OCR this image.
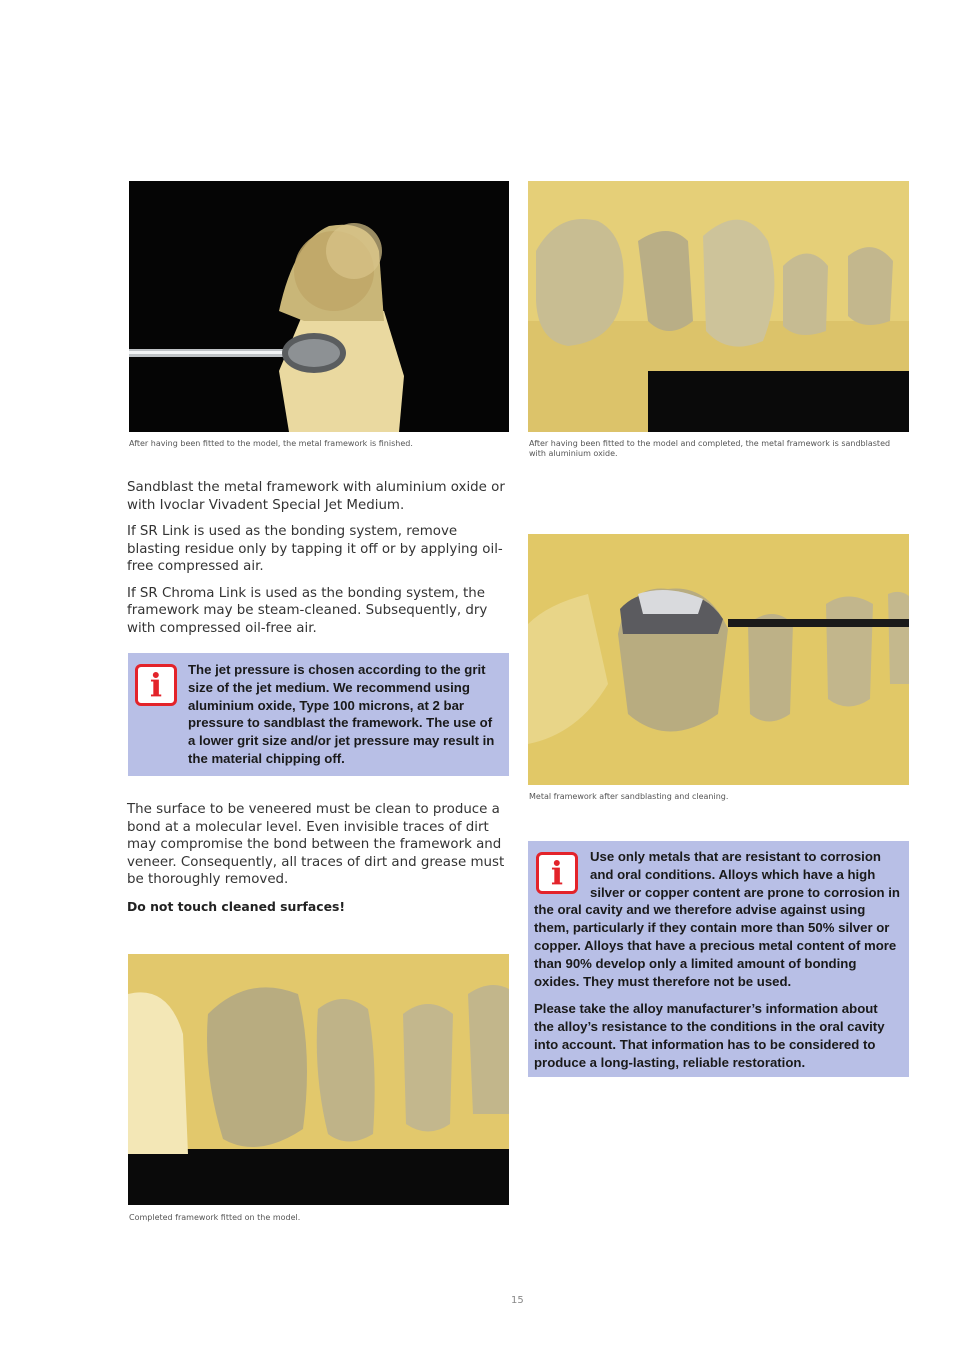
After having been fitted to the model, the metal framework is finished.	After having been fitted to the model and completed, the metal framework is sandblasted with aluminium oxide.

Sandblast the metal framework with aluminium oxide or with Ivoclar Vivadent Special Jet Medium.

If SR Link is used as the bonding system, remove blasting residue only by tapping it off or by applying oil-free compressed air.

If SR Chroma Link is used as the bonding system, the framework may be steam-cleaned. Subsequently, dry with compressed oil-free air.

i The jet pressure is chosen according to the grit size of the jet medium. We recommend using aluminium oxide, Type 100 microns, at 2 bar pressure to sandblast the framework. The use of a lower grit size and/or jet pressure may result in the material chipping off.

Metal framework after sandblasting and cleaning.

The surface to be veneered must be clean to produce a bond at a molecular level. Even invisible traces of dirt may compromise the bond between the framework and veneer. Consequently, all traces of dirt and grease must be thoroughly removed.

Do not touch cleaned surfaces!
i	Use only metals that are resistant to corrosion and oral conditions. Alloys which have a high silver or copper content are prone to corrosion in the oral cavity and we therefore advise against using them, particularly if they contain more than 50% silver or copper. Alloys that have a precious metal content of more than 90% develop only a limited amount of bonding oxides. They must therefore not be used.

Please take the alloy manufacturer’s information about the alloy’s resistance to the conditions in the oral cavity into account. That information has to be considered to produce a long-lasting, reliable restoration.

Completed framework fitted on the model.
15
